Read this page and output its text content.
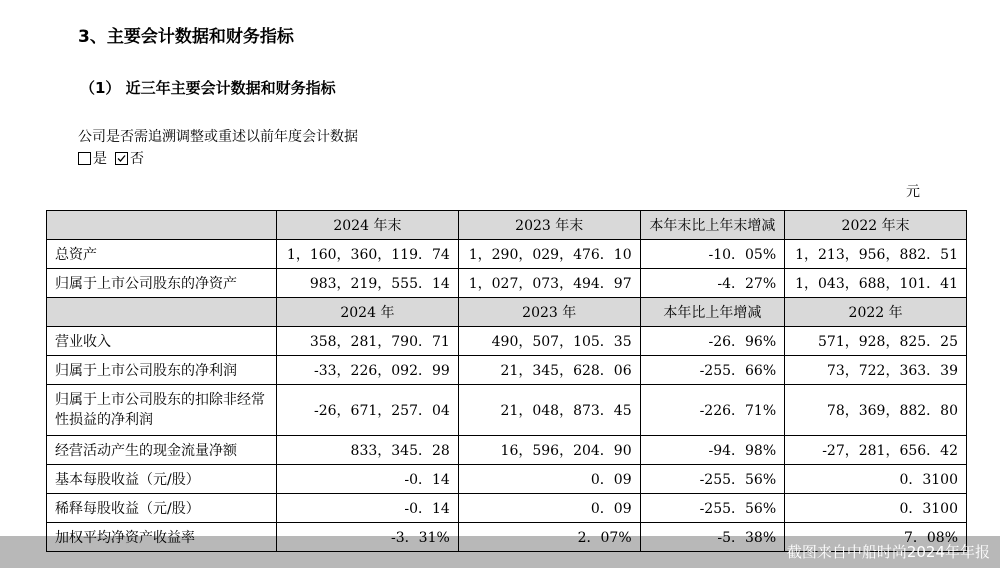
3、主要会计数据和财务指标
（1） 近三年主要会计数据和财务指标
公司是否需追溯调整或重述以前年度会计数据
是 否
元
	2024 年末	2023 年末	本年末比上年末增减	2022 年末
总资产	1，160，360，119．74	1，290，029，476．10	-10．05%	1，213，956，882．51
归属于上市公司股东的净资产	983，219，555．14	1，027，073，494．97	-4．27%	1，043，688，101．41
	2024 年	2023 年	本年比上年增减	2022 年
营业收入	358，281，790．71	490，507，105．35	-26．96%	571，928，825．25
归属于上市公司股东的净利润	-33，226，092．99	21，345，628．06	-255．66%	73，722，363．39
归属于上市公司股东的扣除非经常性损益的净利润	-26，671，257．04	21，048，873．45	-226．71%	78，369，882．80
经营活动产生的现金流量净额	833，345．28	16，596，204．90	-94．98%	-27，281，656．42
基本每股收益（元/股）	-0．14	0．09	-255．56%	0．3100
稀释每股收益（元/股）	-0．14	0．09	-255．56%	0．3100
加权平均净资产收益率	-3．31%	2．07%	-5．38%	7．08%
截图来自中船时尚2024年年报
